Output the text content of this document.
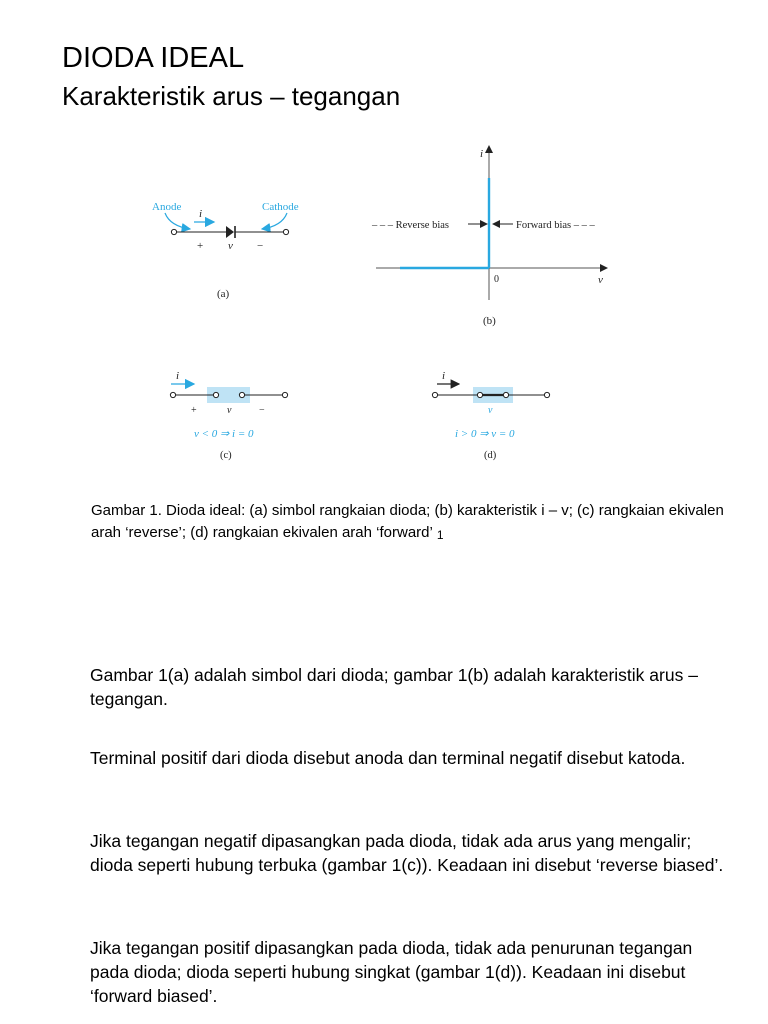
DIODA IDEAL
Karakteristik arus – tegangan
Anode	Cathode
i
+ v −
(a)
i
v
0
– – – Reverse bias	Forward bias – – –
(b)
i
+	v	−
v < 0 ⇒ i = 0
(c)
i
v
i > 0 ⇒ v = 0
(d)
Gambar 1. Dioda ideal: (a) simbol rangkaian dioda; (b) karakteristik i – v; (c) rangkaian ekivalen arah ‘reverse’; (d) rangkaian ekivalen arah ‘forward’ 1
Gambar 1(a) adalah simbol dari dioda; gambar 1(b) adalah karakteristik arus – tegangan.
Terminal positif dari dioda disebut anoda dan terminal negatif disebut katoda.
Jika tegangan negatif dipasangkan pada dioda, tidak ada arus yang mengalir; dioda seperti hubung terbuka (gambar 1(c)). Keadaan ini disebut ‘reverse biased’.
Jika tegangan positif dipasangkan pada dioda, tidak ada penurunan tegangan pada dioda; dioda seperti hubung singkat (gambar 1(d)). Keadaan ini disebut ‘forward biased’.
